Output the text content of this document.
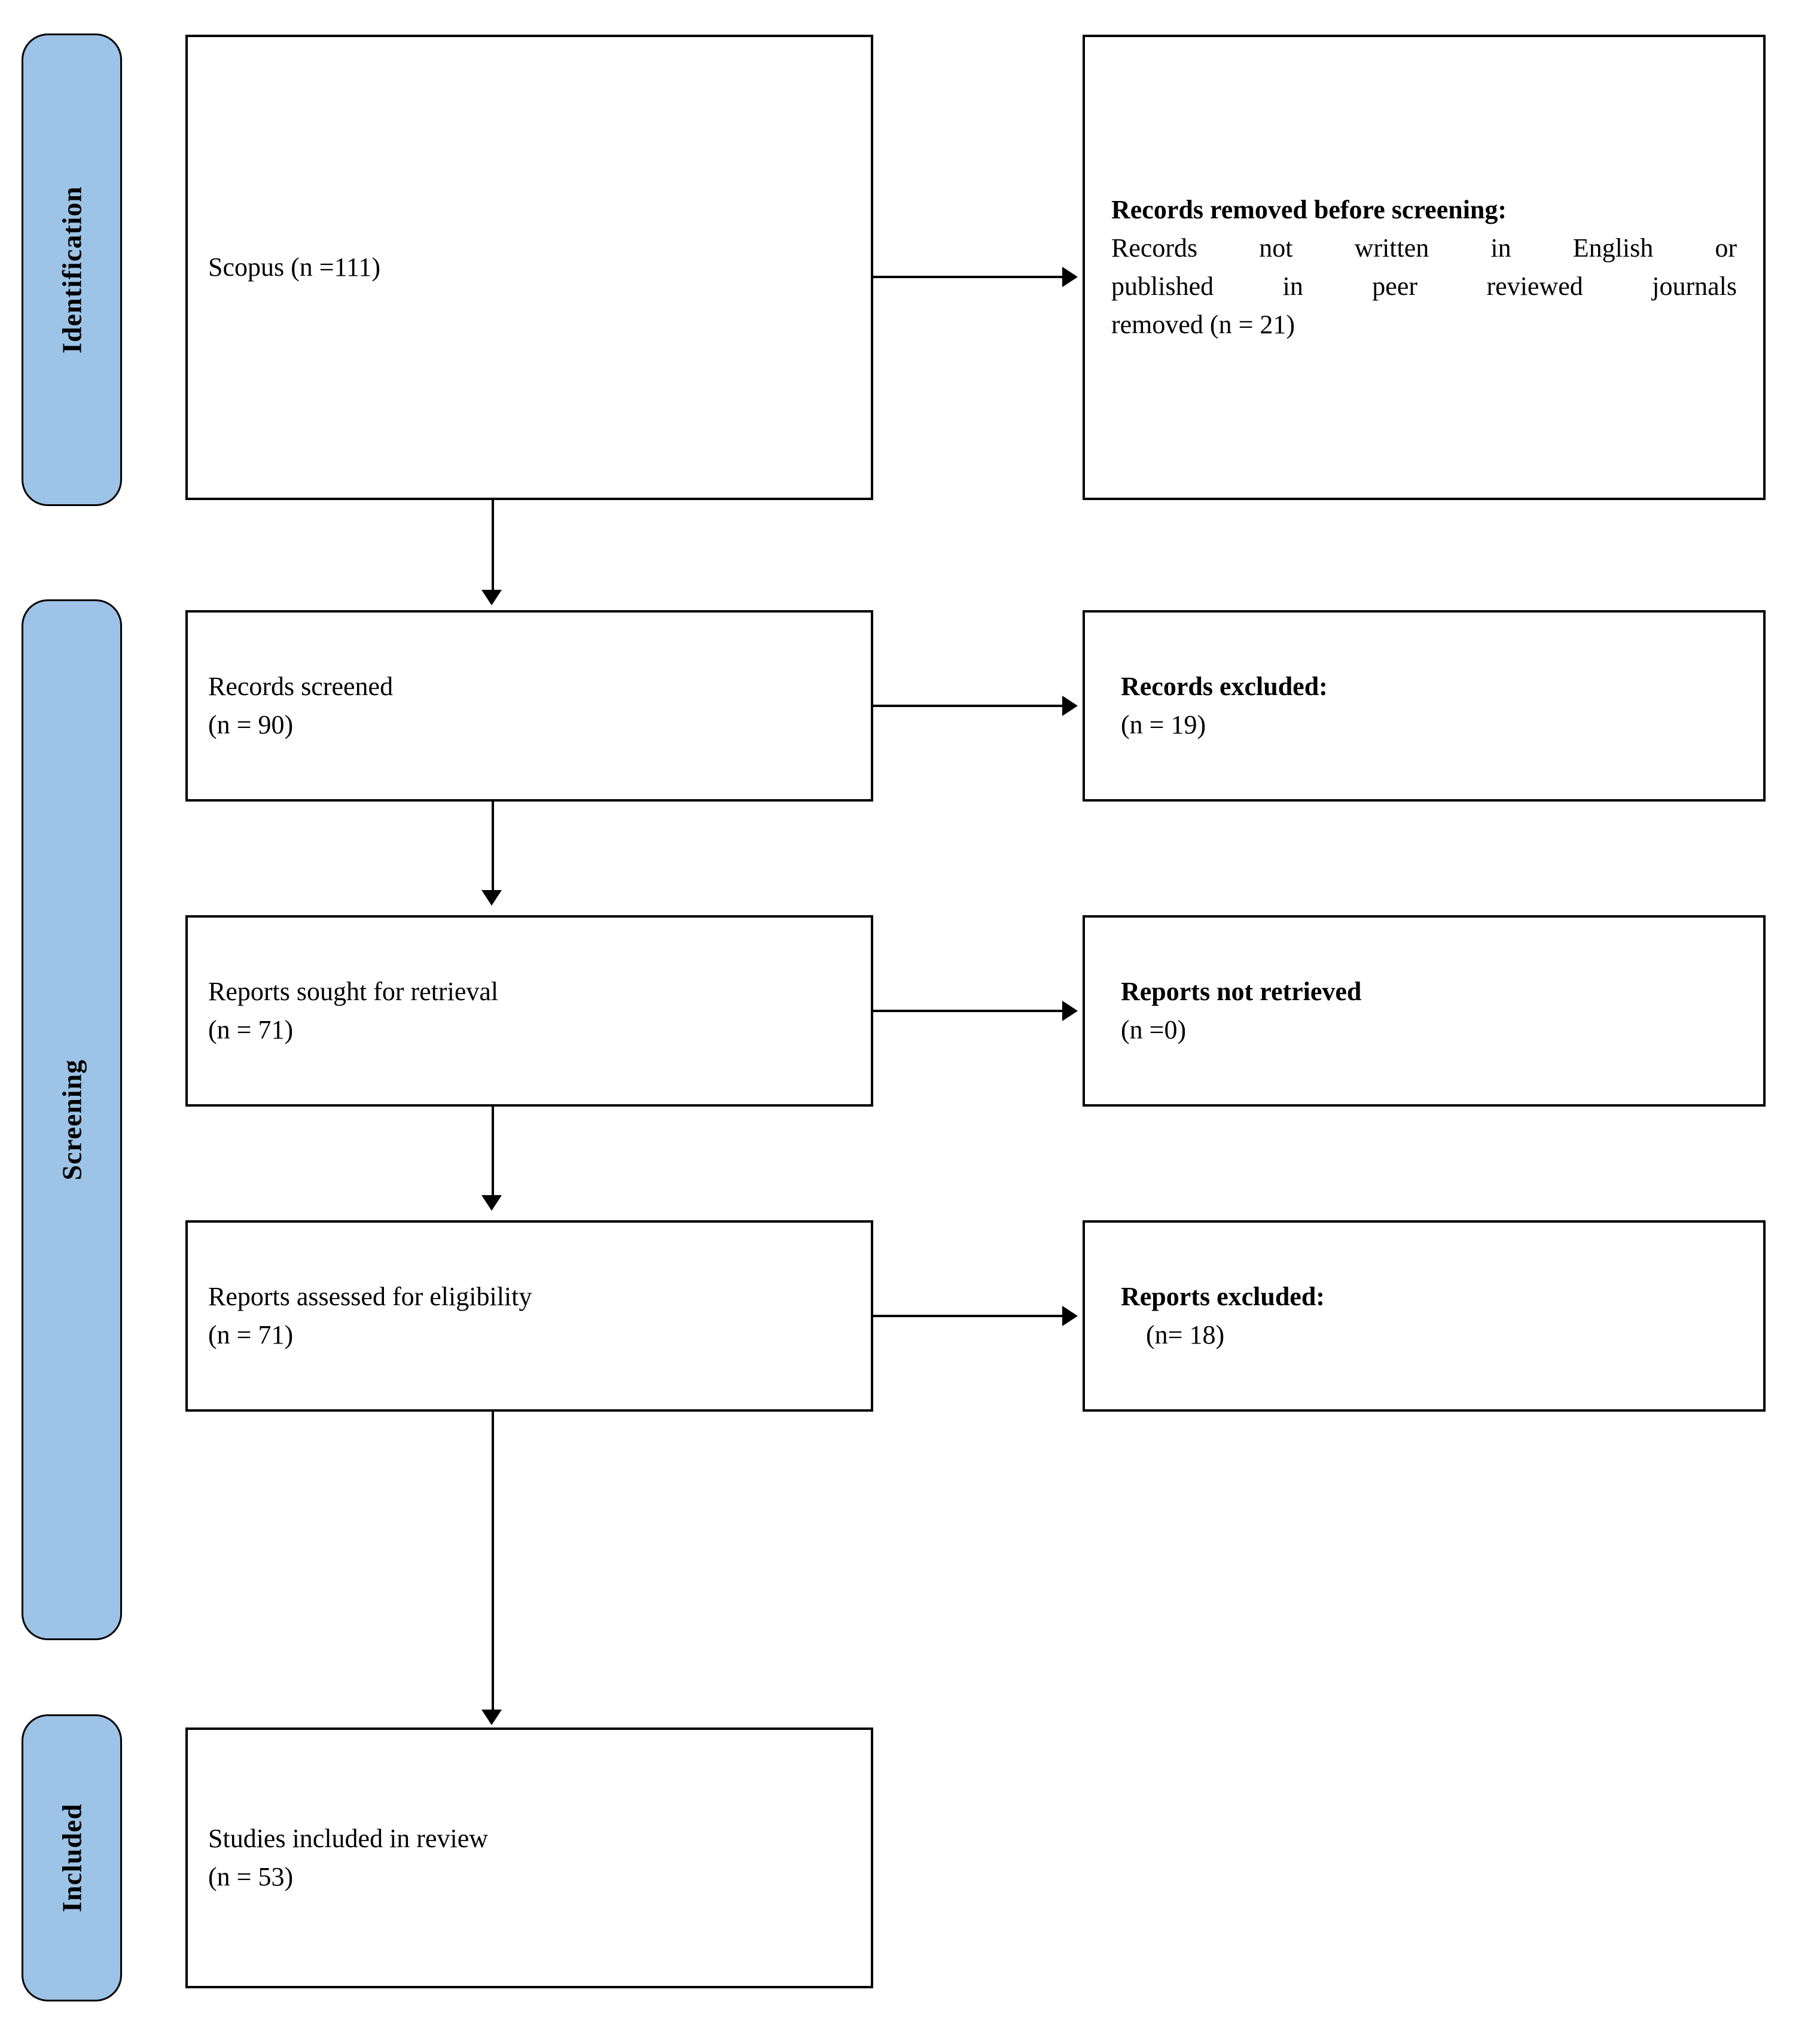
Identification
Screening
Included
Scopus (n =111)
Records removed before screening:
Records not written in English or
published in peer reviewed journals
removed (n = 21)
Records screened
(n = 90)
Records excluded:
(n = 19)
Reports sought for retrieval
(n = 71)
Reports not retrieved
(n =0)
Reports assessed for eligibility
(n = 71)
Reports excluded:
(n= 18)
Studies included in review
(n = 53)
